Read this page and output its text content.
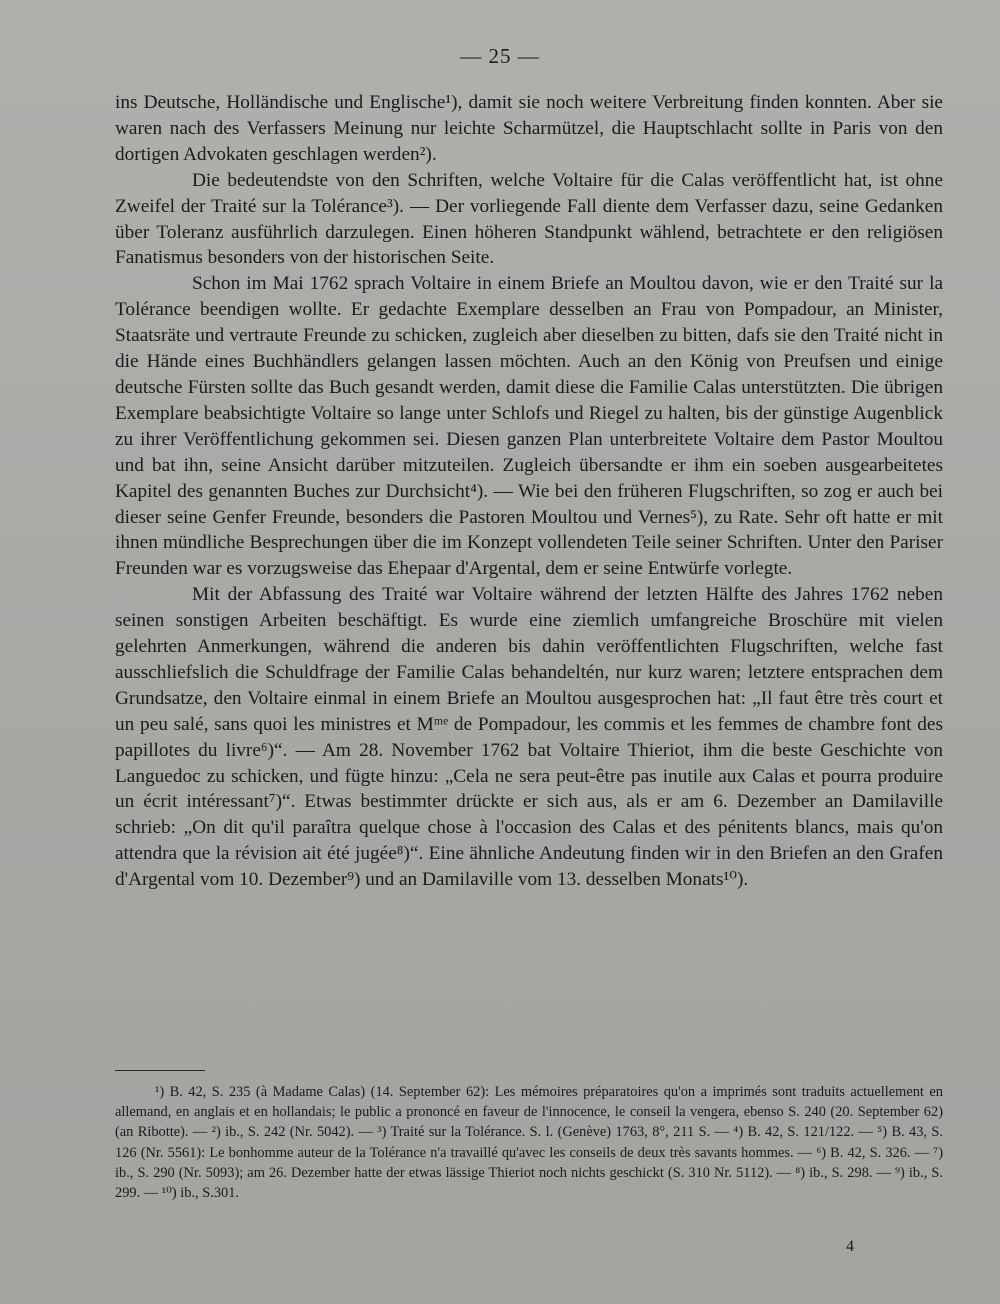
— 25 —

ins Deutsche, Holländische und Englische¹), damit sie noch weitere Verbreitung finden konnten. Aber sie waren nach des Verfassers Meinung nur leichte Scharmützel, die Hauptschlacht sollte in Paris von den dortigen Advokaten geschlagen werden²).

Die bedeutendste von den Schriften, welche Voltaire für die Calas veröffentlicht hat, ist ohne Zweifel der Traité sur la Tolérance³). — Der vorliegende Fall diente dem Verfasser dazu, seine Gedanken über Toleranz ausführlich darzulegen. Einen höheren Standpunkt wählend, betrachtete er den religiösen Fanatismus besonders von der historischen Seite.

Schon im Mai 1762 sprach Voltaire in einem Briefe an Moultou davon, wie er den Traité sur la Tolérance beendigen wollte. Er gedachte Exemplare desselben an Frau von Pompadour, an Minister, Staatsräte und vertraute Freunde zu schicken, zugleich aber dieselben zu bitten, dafs sie den Traité nicht in die Hände eines Buchhändlers gelangen lassen möchten. Auch an den König von Preufsen und einige deutsche Fürsten sollte das Buch gesandt werden, damit diese die Familie Calas unterstützten. Die übrigen Exemplare beabsichtigte Voltaire so lange unter Schlofs und Riegel zu halten, bis der günstige Augenblick zu ihrer Veröffentlichung gekommen sei. Diesen ganzen Plan unterbreitete Voltaire dem Pastor Moultou und bat ihn, seine Ansicht darüber mitzuteilen. Zugleich übersandte er ihm ein soeben ausgearbeitetes Kapitel des genannten Buches zur Durchsicht⁴). — Wie bei den früheren Flugschriften, so zog er auch bei dieser seine Genfer Freunde, besonders die Pastoren Moultou und Vernes⁵), zu Rate. Sehr oft hatte er mit ihnen mündliche Besprechungen über die im Konzept vollendeten Teile seiner Schriften. Unter den Pariser Freunden war es vorzugsweise das Ehepaar d'Argental, dem er seine Entwürfe vorlegte.

Mit der Abfassung des Traité war Voltaire während der letzten Hälfte des Jahres 1762 neben seinen sonstigen Arbeiten beschäftigt. Es wurde eine ziemlich umfangreiche Broschüre mit vielen gelehrten Anmerkungen, während die anderen bis dahin veröffentlichten Flugschriften, welche fast ausschliefslich die Schuldfrage der Familie Calas behandeltén, nur kurz waren; letztere entsprachen dem Grundsatze, den Voltaire einmal in einem Briefe an Moultou ausgesprochen hat: „Il faut être très court et un peu salé, sans quoi les ministres et Mᵐᵉ de Pompadour, les commis et les femmes de chambre font des papillotes du livre⁶)“. — Am 28. November 1762 bat Voltaire Thieriot, ihm die beste Geschichte von Languedoc zu schicken, und fügte hinzu: „Cela ne sera peut-être pas inutile aux Calas et pourra produire un écrit intéressant⁷)“. Etwas bestimmter drückte er sich aus, als er am 6. Dezember an Damilaville schrieb: „On dit qu'il paraîtra quelque chose à l'occasion des Calas et des pénitents blancs, mais qu'on attendra que la révision ait été jugée⁸)“. Eine ähnliche Andeutung finden wir in den Briefen an den Grafen d'Argental vom 10. Dezember⁹) und an Damilaville vom 13. desselben Monats¹⁰).

¹) B. 42, S. 235 (à Madame Calas) (14. September 62): Les mémoires préparatoires qu'on a imprimés sont traduits actuellement en allemand, en anglais et en hollandais; le public a prononcé en faveur de l'innocence, le conseil la vengera, ebenso S. 240 (20. September 62) (an Ribotte). — ²) ib., S. 242 (Nr. 5042). — ³) Traité sur la Tolérance. S. l. (Genève) 1763, 8°, 211 S. — ⁴) B. 42, S. 121/122. — ⁵) B. 43, S. 126 (Nr. 5561): Le bonhomme auteur de la Tolérance n'a travaillé qu'avec les conseils de deux très savants hommes. — ⁶) B. 42, S. 326. — ⁷) ib., S. 290 (Nr. 5093); am 26. Dezember hatte der etwas lässige Thieriot noch nichts geschickt (S. 310 Nr. 5112). — ⁸) ib., S. 298. — ⁹) ib., S. 299. — ¹⁰) ib., S.301.

4
